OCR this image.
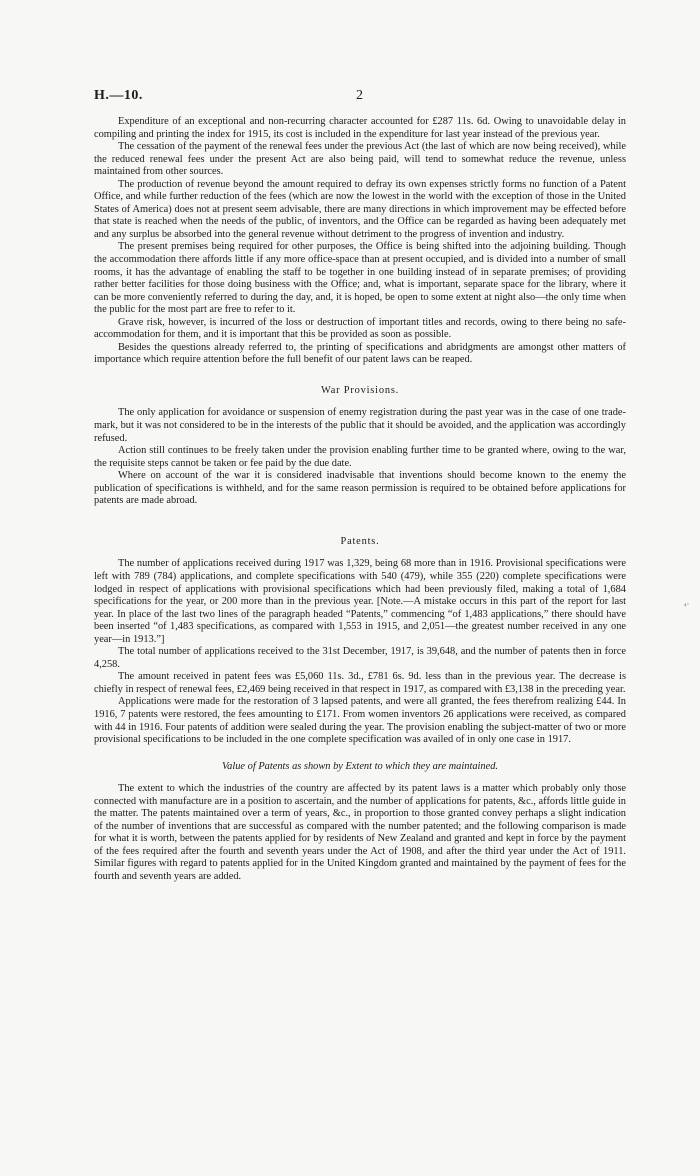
H.—10.	2

Expenditure of an exceptional and non-recurring character accounted for £287 11s. 6d. Owing to unavoidable delay in compiling and printing the index for 1915, its cost is included in the expenditure for last year instead of the previous year.

The cessation of the payment of the renewal fees under the previous Act (the last of which are now being received), while the reduced renewal fees under the present Act are also being paid, will tend to somewhat reduce the revenue, unless maintained from other sources.

The production of revenue beyond the amount required to defray its own expenses strictly forms no function of a Patent Office, and while further reduction of the fees (which are now the lowest in the world with the exception of those in the United States of America) does not at present seem advisable, there are many directions in which improvement may be effected before that state is reached when the needs of the public, of inventors, and the Office can be regarded as having been adequately met and any surplus be absorbed into the general revenue without detriment to the progress of invention and industry.

The present premises being required for other purposes, the Office is being shifted into the adjoining building. Though the accommodation there affords little if any more office-space than at present occupied, and is divided into a number of small rooms, it has the advantage of enabling the staff to be together in one building instead of in separate premises; of providing rather better facilities for those doing business with the Office; and, what is important, separate space for the library, where it can be more conveniently referred to during the day, and, it is hoped, be open to some extent at night also—the only time when the public for the most part are free to refer to it.

Grave risk, however, is incurred of the loss or destruction of important titles and records, owing to there being no safe-accommodation for them, and it is important that this be provided as soon as possible.

Besides the questions already referred to, the printing of specifications and abridgments are amongst other matters of importance which require attention before the full benefit of our patent laws can be reaped.

War Provisions.

The only application for avoidance or suspension of enemy registration during the past year was in the case of one trade-mark, but it was not considered to be in the interests of the public that it should be avoided, and the application was accordingly refused.

Action still continues to be freely taken under the provision enabling further time to be granted where, owing to the war, the requisite steps cannot be taken or fee paid by the due date.

Where on account of the war it is considered inadvisable that inventions should become known to the enemy the publication of specifications is withheld, and for the same reason permission is required to be obtained before applications for patents are made abroad.

Patents.

The number of applications received during 1917 was 1,329, being 68 more than in 1916. Provisional specifications were left with 789 (784) applications, and complete specifications with 540 (479), while 355 (220) complete specifications were lodged in respect of applications with provisional specifications which had been previously filed, making a total of 1,684 specifications for the year, or 200 more than in the previous year. [Note.—A mistake occurs in this part of the report for last year. In place of the last two lines of the paragraph headed “Patents,” commencing “of 1,483 applications,” there should have been inserted “of 1,483 specifications, as compared with 1,553 in 1915, and 2,051—the greatest number received in any one year—in 1913.”]

The total number of applications received to the 31st December, 1917, is 39,648, and the number of patents then in force 4,258.

The amount received in patent fees was £5,060 11s. 3d., £781 6s. 9d. less than in the previous year. The decrease is chiefly in respect of renewal fees, £2,469 being received in that respect in 1917, as compared with £3,138 in the preceding year.

Applications were made for the restoration of 3 lapsed patents, and were all granted, the fees therefrom realizing £44. In 1916, 7 patents were restored, the fees amounting to £171. From women inventors 26 applications were received, as compared with 44 in 1916. Four patents of addition were sealed during the year. The provision enabling the subject-matter of two or more provisional specifications to be included in the one complete specification was availed of in only one case in 1917.

Value of Patents as shown by Extent to which they are maintained.

The extent to which the industries of the country are affected by its patent laws is a matter which probably only those connected with manufacture are in a position to ascertain, and the number of applications for patents, &c., affords little guide in the matter. The patents maintained over a term of years, &c., in proportion to those granted convey perhaps a slight indication of the number of inventions that are successful as compared with the number patented; and the following comparison is made for what it is worth, between the patents applied for by residents of New Zealand and granted and kept in force by the payment of the fees required after the fourth and seventh years under the Act of 1908, and after the third year under the Act of 1911. Similar figures with regard to patents applied for in the United Kingdom granted and maintained by the payment of fees for the fourth and seventh years are added.

‹·
